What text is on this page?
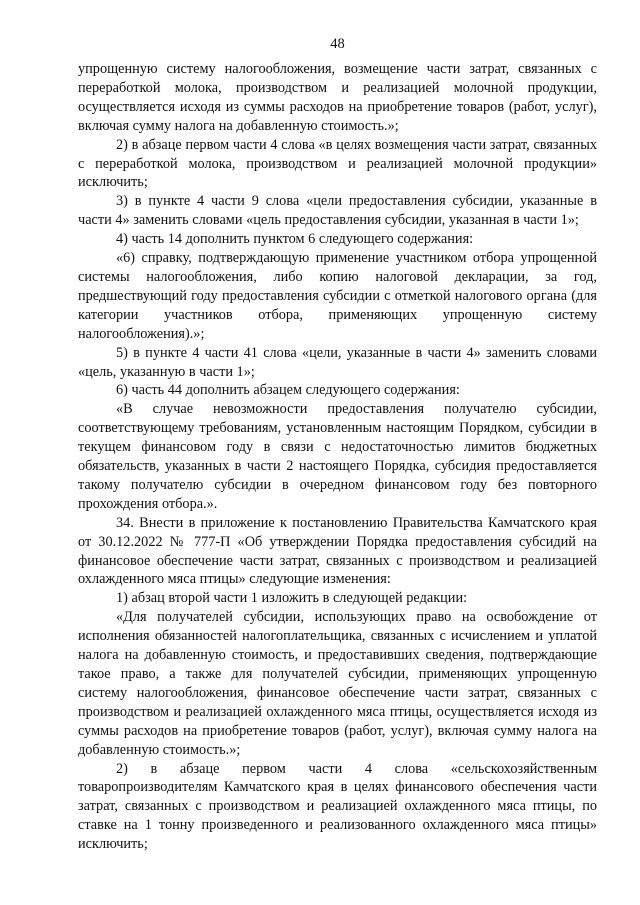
48

упрощенную систему налогообложения, возмещение части затрат, связанных с переработкой молока, производством и реализацией молочной продукции, осуществляется исходя из суммы расходов на приобретение товаров (работ, услуг), включая сумму налога на добавленную стоимость.»;

2) в абзаце первом части 4 слова «в целях возмещения части затрат, связанных с переработкой молока, производством и реализацией молочной продукции» исключить;

3) в пункте 4 части 9 слова «цели предоставления субсидии, указанные в части 4» заменить словами «цель предоставления субсидии, указанная в части 1»;

4) часть 14 дополнить пунктом 6 следующего содержания:

«6) справку, подтверждающую применение участником отбора упрощенной системы налогообложения, либо копию налоговой декларации, за год, предшествующий году предоставления субсидии с отметкой налогового органа (для категории участников отбора, применяющих упрощенную систему налогообложения).»;

5) в пункте 4 части 41 слова «цели, указанные в части 4» заменить словами «цель, указанную в части 1»;

6) часть 44 дополнить абзацем следующего содержания:

«В случае невозможности предоставления получателю субсидии, соответствующему требованиям, установленным настоящим Порядком, субсидии в текущем финансовом году в связи с недостаточностью лимитов бюджетных обязательств, указанных в части 2 настоящего Порядка, субсидия предоставляется такому получателю субсидии в очередном финансовом году без повторного прохождения отбора.».

34. Внести в приложение к постановлению Правительства Камчатского края от 30.12.2022 № 777-П «Об утверждении Порядка предоставления субсидий на финансовое обеспечение части затрат, связанных с производством и реализацией охлажденного мяса птицы» следующие изменения:

1) абзац второй части 1 изложить в следующей редакции:

«Для получателей субсидии, использующих право на освобождение от исполнения обязанностей налогоплательщика, связанных с исчислением и уплатой налога на добавленную стоимость, и предоставивших сведения, подтверждающие такое право, а также для получателей субсидии, применяющих упрощенную систему налогообложения, финансовое обеспечение части затрат, связанных с производством и реализацией охлажденного мяса птицы, осуществляется исходя из суммы расходов на приобретение товаров (работ, услуг), включая сумму налога на добавленную стоимость.»;

2) в абзаце первом части 4 слова «сельскохозяйственным товаропроизводителям Камчатского края в целях финансового обеспечения части затрат, связанных с производством и реализацией охлажденного мяса птицы, по ставке на 1 тонну произведенного и реализованного охлажденного мяса птицы» исключить;
